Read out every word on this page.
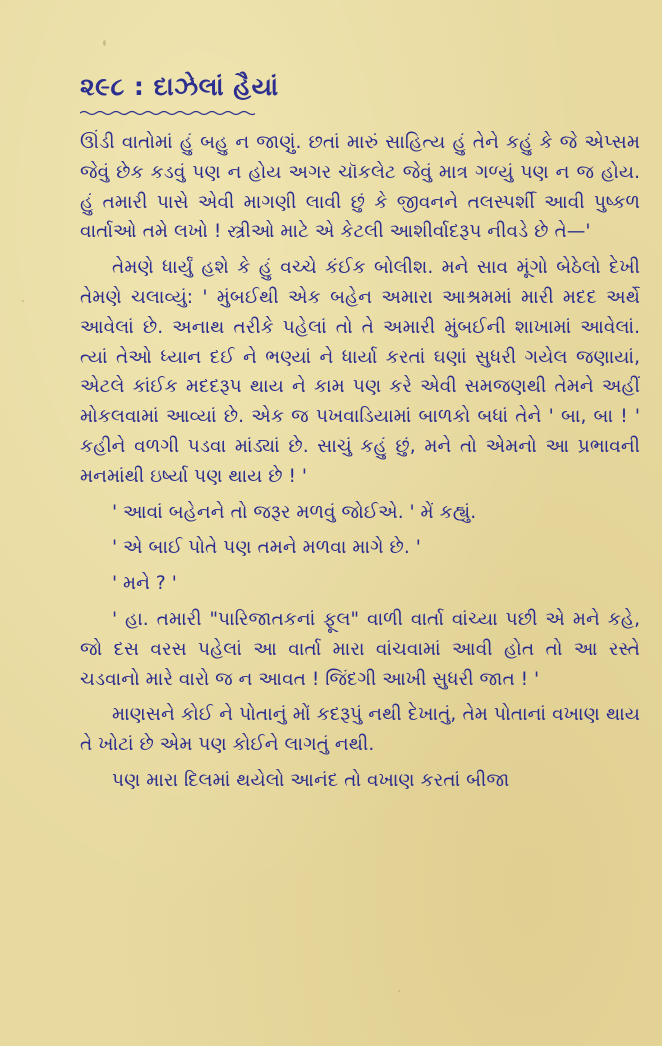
૨૯૮ : દાઝેલાં હૈયાં

ઊંડી વાતોમાં હું બહુ ન જાણું. છતાં મારું સાહિત્ય હું તેને કહું કે જે એપ્સમ જેવું છેક કડવું પણ ન હોય અગર ચૉકલેટ જેવું માત્ર ગળ્યું પણ ન જ હોય. હું તમારી પાસે એવી માગણી લાવી છું કે જીવનને તલસ્પર્શી આવી પુષ્કળ વાર્તાઓ તમે લખો ! સ્ત્રીઓ માટે એ કેટલી આશીર્વાદરૂપ નીવડે છે તે—'

તેમણે ધાર્યું હશે કે હું વચ્ચે કંઈક બોલીશ. મને સાવ મૂંગો બેઠેલો દેખી તેમણે ચલાવ્યું: ' મુંબઈથી એક બહેન અમારા આશ્રમમાં મારી મદદ અર્થે આવેલાં છે. અનાથ તરીકે પહેલાં તો તે અમારી મુંબઈની શાખામાં આવેલાં. ત્યાં તેઓ ધ્યાન દઈ ને ભણ્યાં ને ધાર્યા કરતાં ઘણાં સુધરી ગયેલ જણાયાં, એટલે કાંઈક મદદરૂપ થાય ને કામ પણ કરે એવી સમજણથી તેમને અહીં મોકલવામાં આવ્યાં છે. એક જ પખવાડિયામાં બાળકો બધાં તેને ' બા, બા ! ' કહીને વળગી પડવા માંડ્યાં છે. સાચું કહું છું, મને તો એમનો આ પ્રભાવની મનમાંથી ઇર્ષ્યા પણ થાય છે ! '

' આવાં બહેનને તો જરૂર મળવું જોઈએ. ' મેં કહ્યું.

' એ બાઈ પોતે પણ તમને મળવા માગે છે. '

' મને ? '

' હા. તમારી "પારિજાતકનાં ફૂલ" વાળી વાર્તા વાંચ્યા પછી એ મને કહે, જો દસ વરસ પહેલાં આ વાર્તા મારા વાંચવામાં આવી હોત તો આ રસ્તે ચડવાનો મારે વારો જ ન આવત ! જિંદગી આખી સુધરી જાત ! '

માણસને કોઈ ને પોતાનું મોં કદરૂપું નથી દેખાતું, તેમ પોતાનાં વખાણ થાય તે ખોટાં છે એમ પણ કોઈને લાગતું નથી.

પણ મારા દિલમાં થયેલો આનંદ તો વખાણ કરતાં બીજા
